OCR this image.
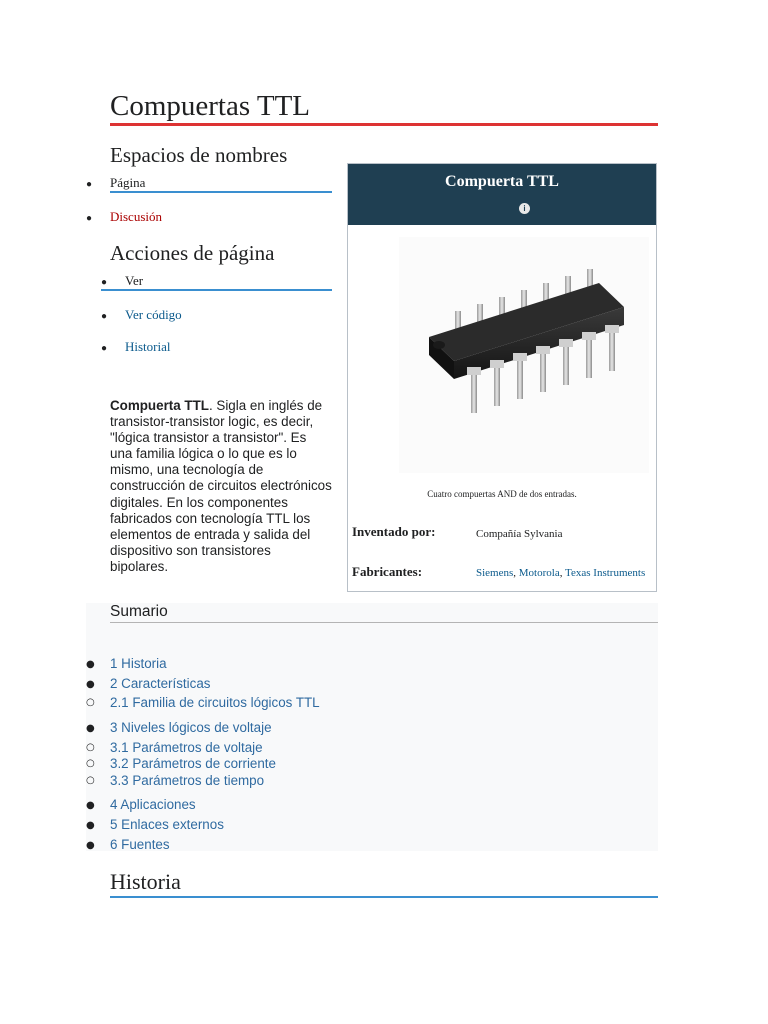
Compuertas TTL
Espacios de nombres
● Página
● Discusión
Acciones de página
● Ver
● Ver código
● Historial
Compuerta TTL. Sigla en inglés de transistor-transistor logic, es decir, "lógica transistor a transistor". Es una familia lógica o lo que es lo mismo, una tecnología de construcción de circuitos electrónicos digitales. En los componentes fabricados con tecnología TTL los elementos de entrada y salida del dispositivo son transistores bipolares.
Compuerta TTL
i
Cuatro compuertas AND de dos entradas.
Inventado por:	Compañía Sylvania
Fabricantes:	Siemens, Motorola, Texas Instruments
Sumario
● 1 Historia
● 2 Características
○ 2.1 Familia de circuitos lógicos TTL
● 3 Niveles lógicos de voltaje
○ 3.1 Parámetros de voltaje
○ 3.2 Parámetros de corriente
○ 3.3 Parámetros de tiempo
● 4 Aplicaciones
● 5 Enlaces externos
● 6 Fuentes
Historia
